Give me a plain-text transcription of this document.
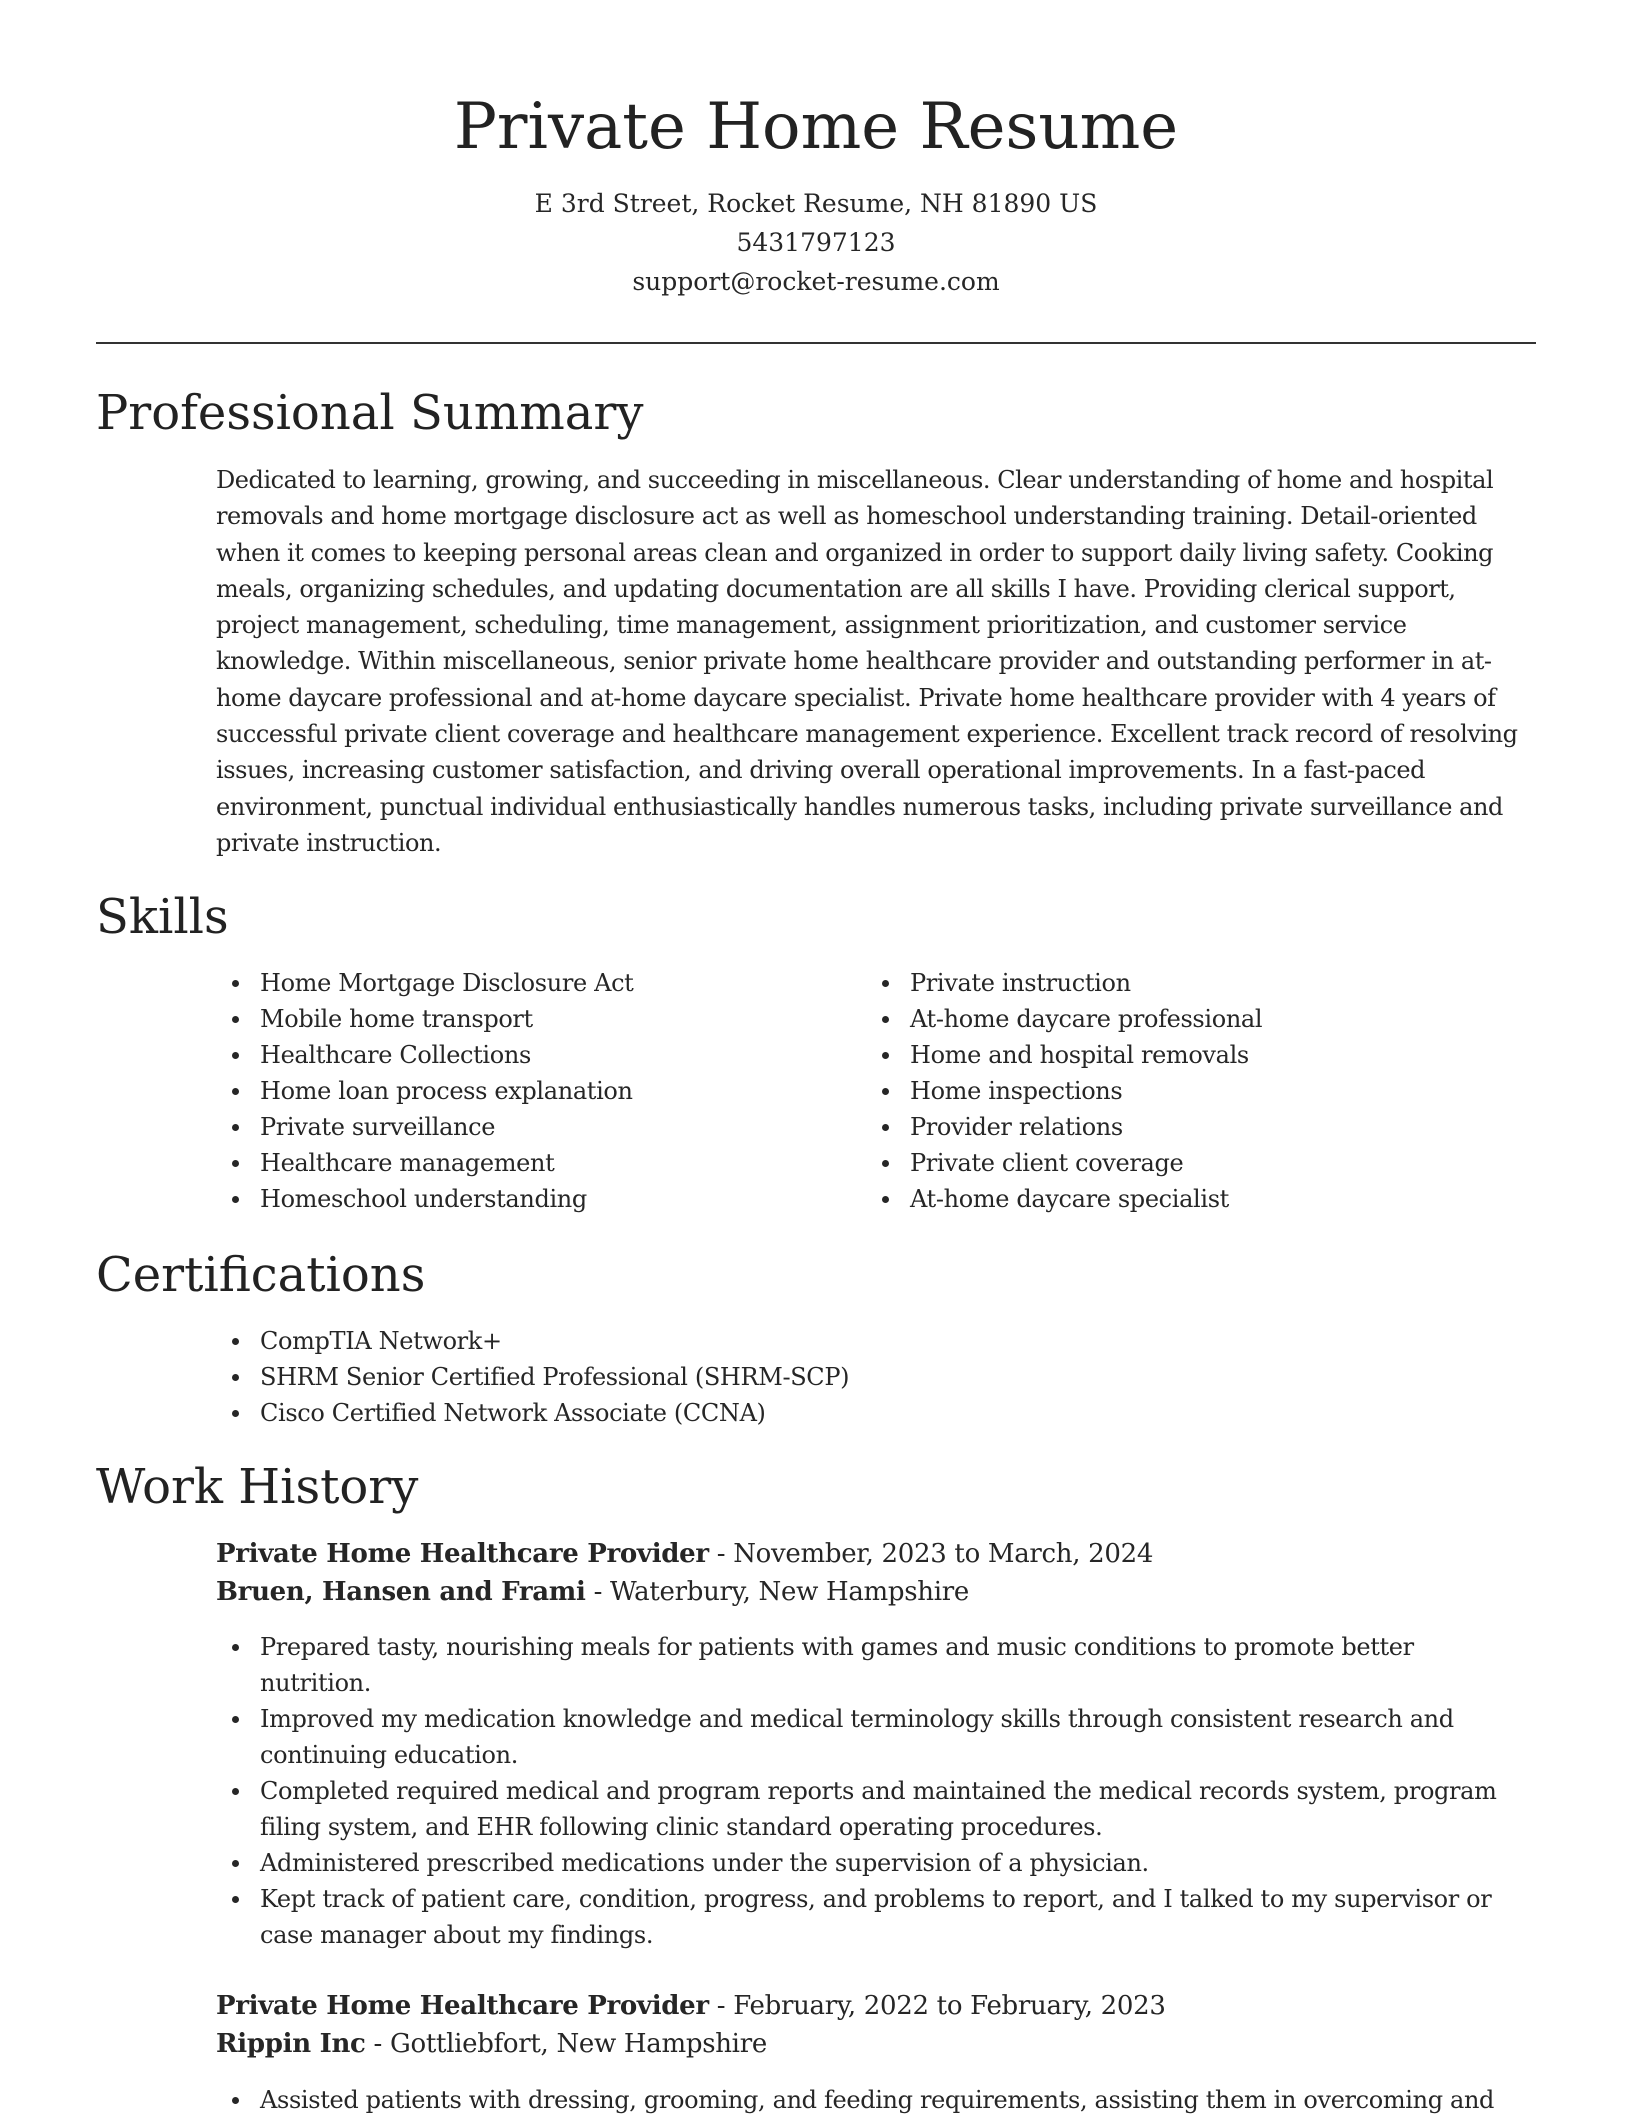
Private Home Resume
E 3rd Street, Rocket Resume, NH 81890 US
5431797123
support@rocket-resume.com
Professional Summary

Dedicated to learning, growing, and succeeding in miscellaneous. Clear understanding of home and hospital removals and home mortgage disclosure act as well as homeschool understanding training. Detail-oriented when it comes to keeping personal areas clean and organized in order to support daily living safety. Cooking meals, organizing schedules, and updating documentation are all skills I have. Providing clerical support, project management, scheduling, time management, assignment prioritization, and customer service knowledge. Within miscellaneous, senior private home healthcare provider and outstanding performer in at-home daycare professional and at-home daycare specialist. Private home healthcare provider with 4 years of successful private client coverage and healthcare management experience. Excellent track record of resolving issues, increasing customer satisfaction, and driving overall operational improvements. In a fast-paced environment, punctual individual enthusiastically handles numerous tasks, including private surveillance and private instruction.

Skills
Home Mortgage Disclosure Act
Mobile home transport
Healthcare Collections
Home loan process explanation
Private surveillance
Healthcare management
Homeschool understanding
Private instruction
At-home daycare professional
Home and hospital removals
Home inspections
Provider relations
Private client coverage
At-home daycare specialist
Certifications
CompTIA Network+
SHRM Senior Certified Professional (SHRM-SCP)
Cisco Certified Network Associate (CCNA)
Work History
Private Home Healthcare Provider - November, 2023 to March, 2024
Bruen, Hansen and Frami - Waterbury, New Hampshire
Prepared tasty, nourishing meals for patients with games and music conditions to promote better nutrition.
Improved my medication knowledge and medical terminology skills through consistent research and continuing education.
Completed required medical and program reports and maintained the medical records system, program filing system, and EHR following clinic standard operating procedures.
Administered prescribed medications under the supervision of a physician.
Kept track of patient care, condition, progress, and problems to report, and I talked to my supervisor or case manager about my findings.
Private Home Healthcare Provider - February, 2022 to February, 2023
Rippin Inc - Gottliebfort, New Hampshire
Assisted patients with dressing, grooming, and feeding requirements, assisting them in overcoming and
